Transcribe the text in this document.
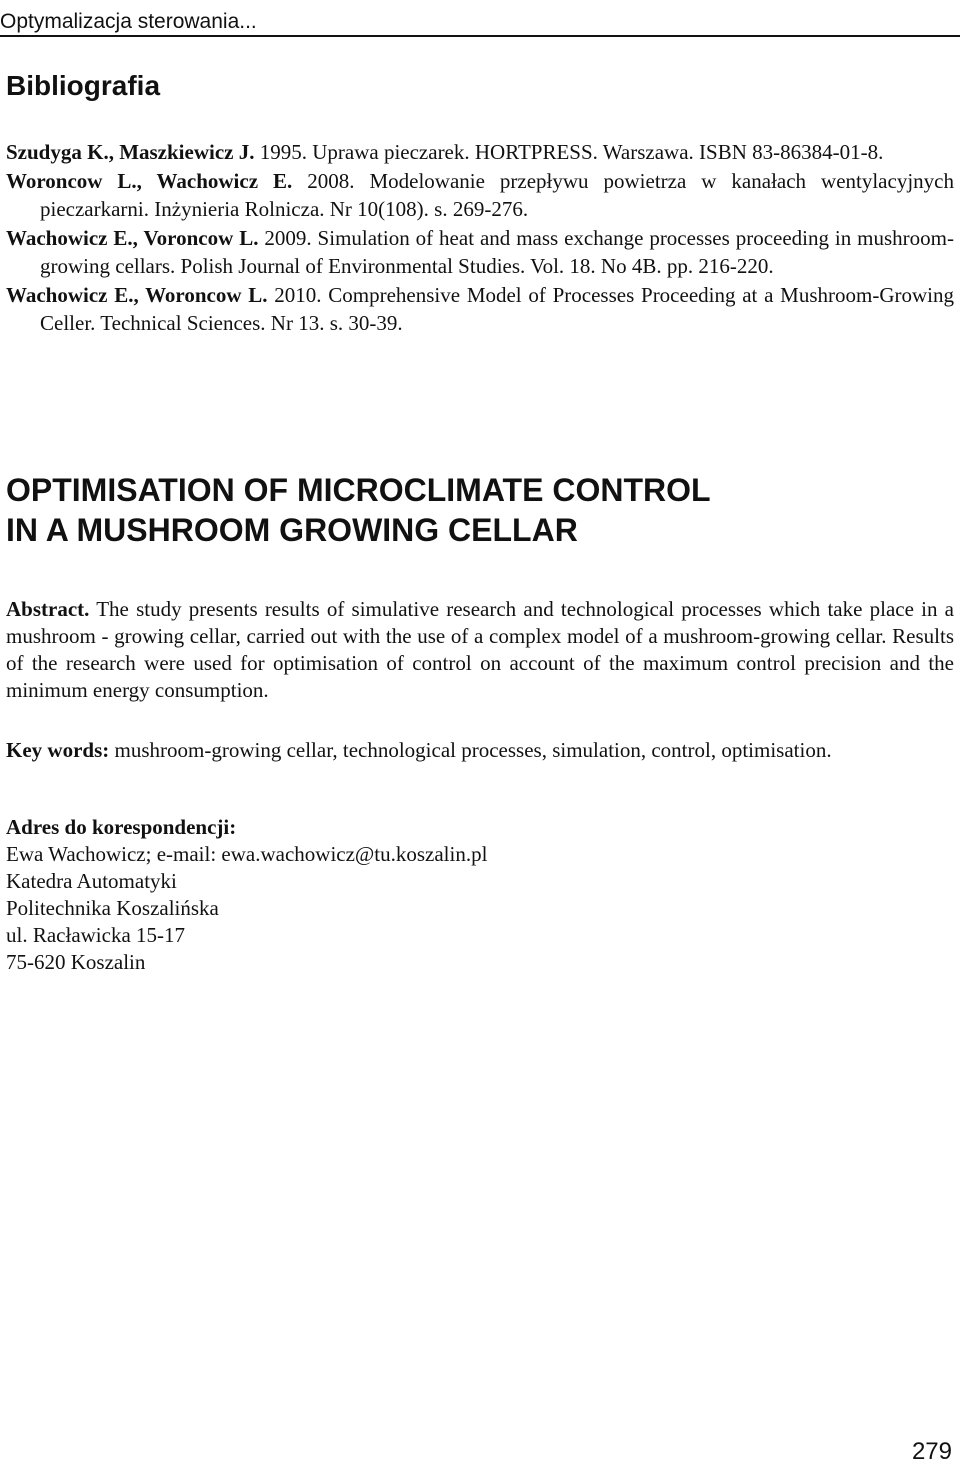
Optymalizacja sterowania...
Bibliografia

Szudyga K., Maszkiewicz J. 1995. Uprawa pieczarek. HORTPRESS. Warszawa. ISBN 83-86384-01-8.

Woroncow L., Wachowicz E. 2008. Modelowanie przepływu powietrza w kanałach wentylacyjnych pieczarkarni. Inżynieria Rolnicza. Nr 10(108). s. 269-276.

Wachowicz E., Voroncow L. 2009. Simulation of heat and mass exchange processes proceeding in mushroom-growing cellars. Polish Journal of Environmental Studies. Vol. 18. No 4B. pp. 216-220.

Wachowicz E., Woroncow L. 2010. Comprehensive Model of Processes Proceeding at a Mushroom-Growing Celler. Technical Sciences. Nr 13. s. 30-39.

OPTIMISATION OF MICROCLIMATE CONTROL
IN A MUSHROOM GROWING CELLAR

Abstract. The study presents results of simulative research and technological processes which take place in a mushroom - growing cellar, carried out with the use of a complex model of a mushroom-growing cellar. Results of the research were used for optimisation of control on account of the maximum control precision and the minimum energy consumption.

Key words: mushroom-growing cellar, technological processes, simulation, control, optimisation.

Adres do korespondencji:
Ewa Wachowicz; e-mail: ewa.wachowicz@tu.koszalin.pl
Katedra Automatyki
Politechnika Koszalińska
ul. Racławicka 15-17
75-620 Koszalin
279
